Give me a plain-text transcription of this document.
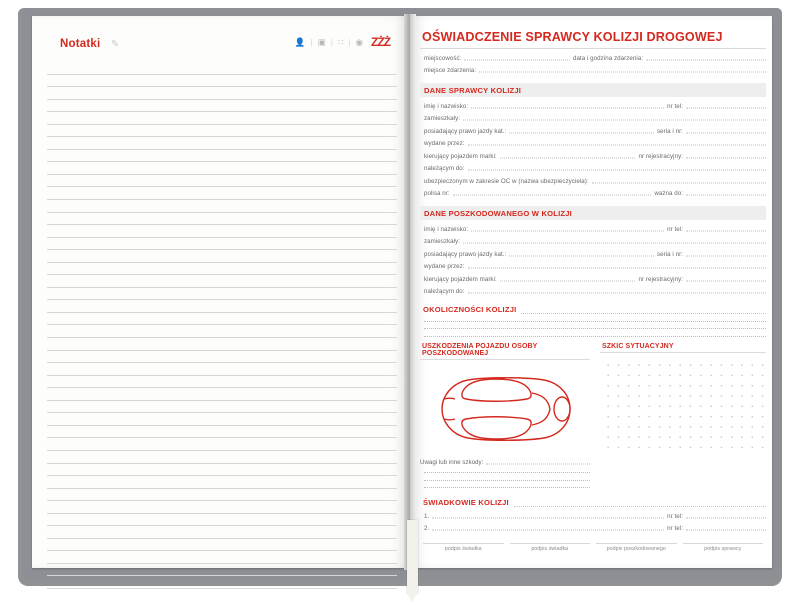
Notatki ✎	👤 | ▣ | ∷ | ◉ ZŻŻ	OŚWIADCZENIE SPRAWCY KOLIZJI DROGOWEJ
miejscowość:	data i godzina zdarzenia:
miejsce zdarzenia:
DANE SPRAWCY KOLIZJI
imię i nazwisko:	nr tel:
zamieszkały:
posiadający prawo jazdy kat.:	seria i nr:
wydane przez:
kierujący pojazdem marki:	nr rejestracyjny:
należącym do:
ubezpieczonym w zakresie OC w (nazwa ubezpieczyciela):
polisa nr:	ważna do:
DANE POSZKODOWANEGO W KOLIZJI
imię i nazwisko:	nr tel:
zamieszkały:
posiadający prawo jazdy kat.:	seria i nr:
wydane przez:
kierujący pojazdem marki:	nr rejestracyjny:
należącym do:
OKOLICZNOŚCI KOLIZJI
USZKODZENIA POJAZDU OSOBY POSZKODOWANEJ
Uwagi lub inne szkody:
SZKIC SYTUACYJNY
ŚWIADKOWIE KOLIZJI
1.	nr tel:
2.	nr tel:
podpis świadka	podpis świadka	podpis poszkodowanego	podpis sprawcy
